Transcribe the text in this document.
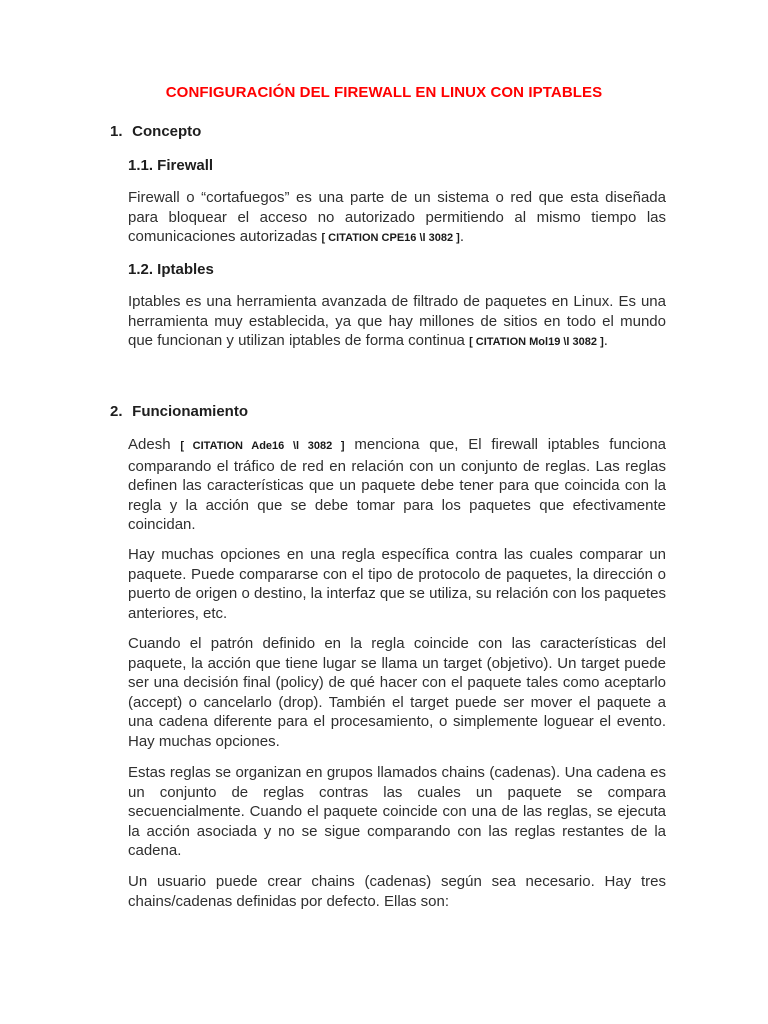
CONFIGURACIÓN DEL FIREWALL EN LINUX CON IPTABLES
1. Concepto
1.1. Firewall
Firewall o “cortafuegos” es una parte de un sistema o red que esta diseñada para bloquear el acceso no autorizado permitiendo al mismo tiempo las comunicaciones autorizadas [ CITATION CPE16 \l 3082 ].
1.2. Iptables
Iptables es una herramienta avanzada de filtrado de paquetes en Linux. Es una herramienta muy establecida, ya que hay millones de sitios en todo el mundo que funcionan y utilizan iptables de forma continua [ CITATION Mol19 \l 3082 ].
2. Funcionamiento
Adesh [ CITATION Ade16 \l 3082 ] menciona que, El firewall iptables funciona comparando el tráfico de red en relación con un conjunto de reglas. Las reglas definen las características que un paquete debe tener para que coincida con la regla y la acción que se debe tomar para los paquetes que efectivamente coincidan.
Hay muchas opciones en una regla específica contra las cuales comparar un paquete. Puede compararse con el tipo de protocolo de paquetes, la dirección o puerto de origen o destino, la interfaz que se utiliza, su relación con los paquetes anteriores, etc.
Cuando el patrón definido en la regla coincide con las características del paquete, la acción que tiene lugar se llama un target (objetivo). Un target puede ser una decisión final (policy) de qué hacer con el paquete tales como aceptarlo (accept) o cancelarlo (drop). También el target puede ser mover el paquete a una cadena diferente para el procesamiento, o simplemente loguear el evento. Hay muchas opciones.
Estas reglas se organizan en grupos llamados chains (cadenas). Una cadena es un conjunto de reglas contras las cuales un paquete se compara secuencialmente. Cuando el paquete coincide con una de las reglas, se ejecuta la acción asociada y no se sigue comparando con las reglas restantes de la cadena.
Un usuario puede crear chains (cadenas) según sea necesario. Hay tres chains/cadenas definidas por defecto. Ellas son:
